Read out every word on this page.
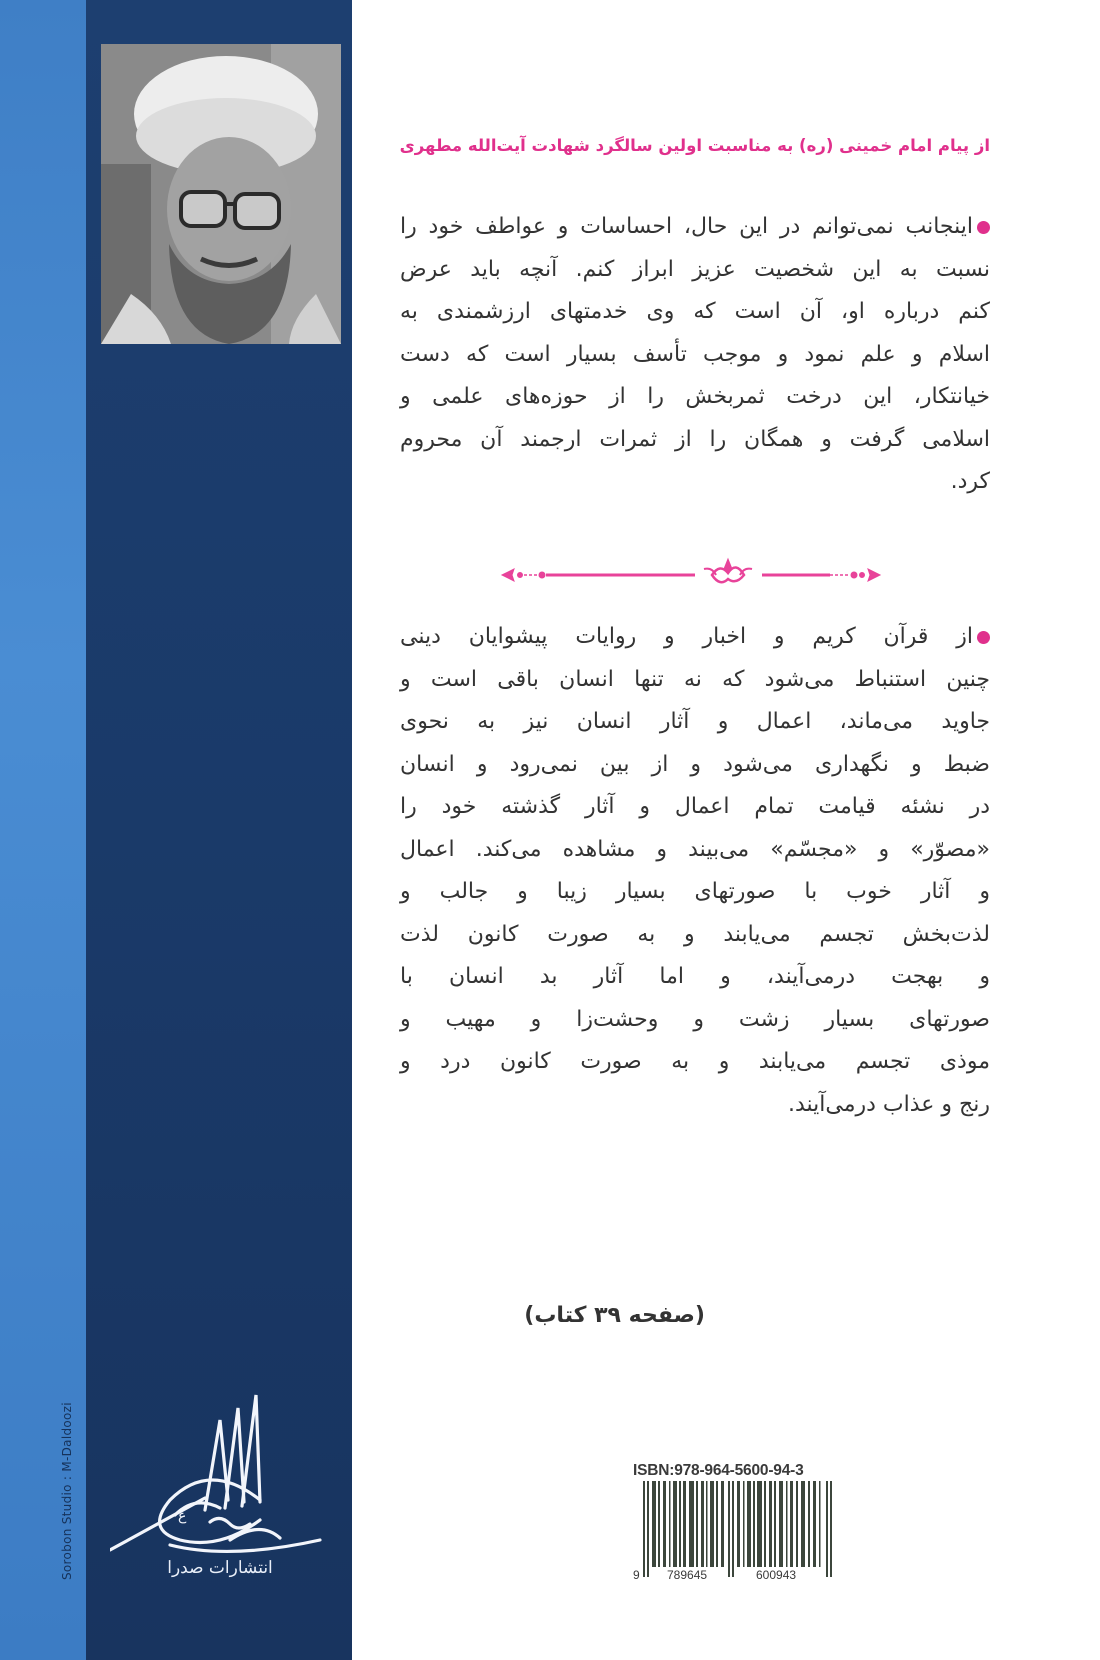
Sorobon Studio : M-Daldoozi	ع
انتشارات صدرا
از پیام امام خمینی (ره) به مناسبت اولین سالگرد شهادت آیت‌الله مطهری
اینجانب نمی‌توانم در این حال، احساسات و عواطف خود را
نسبت به این شخصیت عزیز ابراز کنم. آنچه باید عرض
کنم درباره او، آن است که وی خدمتهای ارزشمندی به
اسلام و علم نمود و موجب تأسف بسیار است که دست
خیانتکار، این درخت ثمربخش را از حوزه‌های علمی و
اسلامی گرفت و همگان را از ثمرات ارجمند آن محروم
کرد.
از قرآن کریم و اخبار و روایات پیشوایان دینی
چنین استنباط می‌شود که نه تنها انسان باقی است و
جاوید می‌ماند، اعمال و آثار انسان نیز به نحوی
ضبط و نگهداری می‌شود و از بین نمی‌رود و انسان
در نشئه قیامت تمام اعمال و آثار گذشته خود را
«مصوّر» و «مجسّم» می‌بیند و مشاهده می‌کند. اعمال
و آثار خوب با صورتهای بسیار زیبا و جالب و
لذت‌بخش تجسم می‌یابند و به صورت کانون لذت
و بهجت درمی‌آیند، و اما آثار بد انسان با
صورتهای بسیار زشت و وحشت‌زا و مهیب و
موذی تجسم می‌یابند و به صورت کانون درد و
رنج و عذاب درمی‌آیند.
(صفحه ۳۹ کتاب)
ISBN:978-964-5600-94-3
9 789645	600943
